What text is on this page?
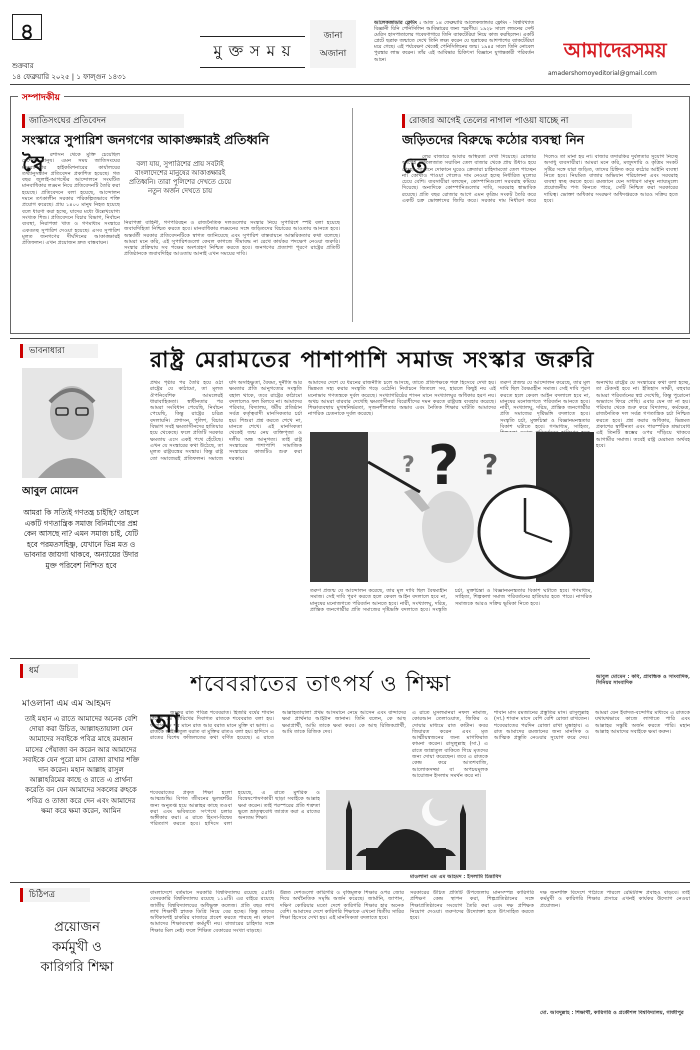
৪
শুক্রবার
১৪ ফেব্রুয়ারি ২০২৫ | ১ ফাল্গুন ১৪৩১
মু ক্ত স ম য়
জানা
অজানা
আলেকজান্ডার ফ্লেমিং : আজ ১৪ ফেব্রুয়ারি আলেকজান্ডার ফ্লেমিং - বিশ্ববিখ্যাত বিজ্ঞানী যিনি পেনিসিলিন আবিষ্কারের জন্য স্মরণীয়। ১৯২৮ সালে লন্ডনের সেন্ট মেরিস হাসপাতালের গবেষণাগারে তিনি ব্যাকটেরিয়া নিয়ে কাজ করছিলেন। একটি প্লেটে ছত্রাক জন্মাতে দেখে তিনি লক্ষ্য করেন যে ছত্রাকের আশপাশের ব্যাকটেরিয়া মরে গেছে। এই পর্যবেক্ষণ থেকেই পেনিসিলিনের জন্ম। ১৯৪৫ সালে তিনি নোবেল পুরস্কার লাভ করেন। তাঁর এই আবিষ্কার চিকিৎসা বিজ্ঞানে যুগান্তকারী পরিবর্তন আনে।	আমাদেরসময়
amadershomoyeditorial@gmail.com
সম্পাদকীয়
জাতিসংঘের প্রতিবেদন
সংস্কারে সুপারিশ জনগণের আকাঙ্ক্ষারই প্রতিধ্বনি
স্বৈ	রশাসন থেকে মুক্তি চেয়েছিল দেশের মানুষ। এমন সময় জাতিসংঘের মানবাধিকার হাইকমিশনারের কার্যালয়ের তথ্যানুসন্ধান প্রতিবেদন প্রকাশিত হয়েছে। গত বছর জুলাই-আগস্টের আন্দোলনে সংঘটিত মানবাধিকার লঙ্ঘন নিয়ে প্রতিবেদনটি তৈরি করা হয়েছে। প্রতিবেদনে বলা হয়েছে, আন্দোলন দমনে তৎকালীন সরকার পরিকল্পিতভাবে শক্তি প্রয়োগ করেছে। প্রায় ১৪০০ মানুষ নিহত হয়েছে বলে ধারণা করা হচ্ছে, যাদের মধ্যে উল্লেখযোগ্য সংখ্যক শিশু। প্রতিবেদনে বিচার বিভাগ, নির্বাচন ব্যবস্থা, নিরাপত্তা খাত ও গণমাধ্যম সংস্কারে একগুচ্ছ সুপারিশ দেওয়া হয়েছে। এসব সুপারিশ মূলত জনগণের দীর্ঘদিনের আকাঙ্ক্ষারই প্রতিফলন। এখন প্রয়োজন দ্রুত বাস্তবায়ন।
বলা যায়, সুপারিশের প্রায় সবটাই বাংলাদেশের মানুষের আকাঙ্ক্ষারই প্রতিধ্বনি। তারা পুলিশের দেখতে চেয়ে নতুন অর্জন দেখতে চায়
নিরাপত্তা বাহিনী, গণপরিবহন ও রাজনৈতিক দলগুলোর সংস্কার নিয়ে সুপারিশে স্পষ্ট বলা হয়েছে জবাবদিহিতা নিশ্চিত করতে হবে। মানবাধিকার লঙ্ঘনের সঙ্গে জড়িতদের বিচারের আওতায় আনতে হবে। অন্তর্বর্তী সরকার প্রতিবেদনটিকে স্বাগত জানিয়েছে এবং সুপারিশ বাস্তবায়নে আন্তরিকতার কথা বলেছে। আমরা মনে করি, এই সুপারিশগুলো কেবল কাগজে সীমাবদ্ধ না রেখে কার্যকর পদক্ষেপ নেওয়া জরুরি। সংস্কার প্রক্রিয়ায় সব পক্ষের অংশগ্রহণ নিশ্চিত করতে হবে। জনগণের প্রত্যাশা পূরণে রাষ্ট্রের প্রতিটি প্রতিষ্ঠানকে জবাবদিহির আওতায় আনাই এখন সময়ের দাবি।
রোজার আগেই তেলের নাগাল পাওয়া যাচ্ছে না
জড়িতদের বিরুদ্ধে কঠোর ব্যবস্থা নিন
তে
লের বাজারে আবার অস্থিরতা দেখা দিয়েছে। রোজার আগেই বোতলজাত সয়াবিন তেল বাজার থেকে প্রায় উধাও হয়ে গেছে। দোকানে দোকানে ঘুরেও ক্রেতারা চাহিদামতো তেল পাচ্ছেন না। কোথাও পাওয়া গেলেও দাম নেওয়া হচ্ছে নির্ধারিত মূল্যের চেয়ে বেশি। ব্যবসায়ীরা বলছেন, কোম্পানিগুলো সরবরাহ কমিয়ে দিয়েছে। অন্যদিকে কোম্পানিগুলোর দাবি, সরবরাহ স্বাভাবিক রয়েছে। প্রতি বছর রোজার আগে এমন কৃত্রিম সংকট তৈরি করে একটি চক্র ভোক্তাদের জিম্মি করে। সরকার দাম নির্ধারণ করে দিলেও তা মানা হয় না। বাজার তদারকির দুর্বলতার সুযোগ নিচ্ছে অসাধু ব্যবসায়ীরা। আমরা মনে করি, মজুদদারি ও কৃত্রিম সংকট সৃষ্টির সঙ্গে যারা জড়িত, তাদের চিহ্নিত করে কঠোর আইনি ব্যবস্থা নিতে হবে। নিয়মিত বাজার অভিযান পরিচালনা এবং সরবরাহ ব্যবস্থা স্বচ্ছ করতে হবে। রমজানে যেন সাধারণ মানুষ ন্যায্যমূল্যে প্রয়োজনীয় পণ্য কিনতে পারে, সেটি নিশ্চিত করা সরকারের দায়িত্ব। ভোক্তা অধিকার সংরক্ষণ অধিদপ্তরকে আরও সক্রিয় হতে হবে।
ভাবনাধারা	রাষ্ট্র মেরামতের পাশাপাশি সমাজ সংস্কার জরুরি
আবুল মোমেন
আমরা কি সত্যিই গণতন্ত্র চাইছি? তাহলে একটি গণতান্ত্রিক সমাজ বিনির্মাণের প্রশ্ন কেন আসছে না? এমন সমাজ চাই, যেটি হবে পরমতসহিষ্ণু, যেখানে ভিন্ন মত ও ভাবনার জায়গা থাকবে, অন্যায়ের উদার মুক্ত পরিবেশ নিশ্চিত হবে
প্রথম পৃষ্ঠার পর তৈরি হয়ে ওঠা রাষ্ট্রের যে কাঠামো, তা মূলত ঔপনিবেশিক আমলেরই ধারাবাহিকতা। স্বাধীনতার পর আমরা সংবিধান পেয়েছি, নির্বাচন পেয়েছি, কিন্তু রাষ্ট্রের চরিত্র বদলায়নি। প্রশাসন, পুলিশ, বিচার বিভাগ সবই ক্ষমতাসীনদের হাতিয়ার হয়ে থেকেছে। ফলে প্রতিটি সরকার ক্ষমতায় এসে একই পথে হেঁটেছে। এখন যে সংস্কারের কথা উঠেছে, তা মূলত রাষ্ট্রযন্ত্রের সংস্কার। কিন্তু রাষ্ট্র তো সমাজেরই প্রতিফলন। সমাজে যদি অসহিষ্ণুতা, বৈষম্য, দুর্নীতি আর ক্ষমতার প্রতি আনুগত্যের সংস্কৃতি বহাল থাকে, তবে রাষ্ট্রের কাঠামো বদলালেও ফল মিলবে না। আমাদের পরিবার, বিদ্যালয়, ধর্মীয় প্রতিষ্ঠান সর্বত্র কর্তৃত্ববাদী মানসিকতার চর্চা হয়। শিশুরা প্রশ্ন করতে শেখে না, মানতে শেখে। এই মানসিকতা থেকেই জন্ম নেয় ব্যক্তিপূজা ও দলীয় অন্ধ আনুগত্য। তাই রাষ্ট্র সংস্কারের পাশাপাশি সামাজিক সংস্কারের কাজটিও শুরু করা দরকার।
আমাদের দেশে যে ধরনের রাজনীতি চলে আসছে, তাতে প্রতিপক্ষকে শত্রু হিসেবে দেখা হয়। ভিন্নমত সহ্য করার সংস্কৃতি গড়ে ওঠেনি। নির্বাচনে জিতলে সব, হারলে কিছুই নয় এই মনোভাব গণতন্ত্রকে দুর্বল করেছে। সংখ্যাগরিষ্ঠের শাসন মানে সংখ্যালঘুর অধিকার হরণ নয়। অথচ আমরা বারবার দেখেছি ক্ষমতাসীনরা বিরোধীদের দমন করতে রাষ্ট্রযন্ত্র ব্যবহার করেছে। শিক্ষাব্যবস্থায় মুখস্থনির্ভরতা, সৃজনশীলতার অভাব এবং নৈতিক শিক্ষার ঘাটতি আমাদের নাগরিক চেতনাকে দুর্বল করেছে।
তরুণ প্রজন্ম যে আন্দোলন করেছে, তার মূল দাবি ছিল বৈষম্যহীন সমাজ। সেই দাবি পূরণ করতে হলে কেবল আইন বদলালে হবে না, মানুষের মনোজগতে পরিবর্তন আনতে হবে। নারী, সংখ্যালঘু, দরিদ্র, প্রান্তিক জনগোষ্ঠীর প্রতি সমাজের দৃষ্টিভঙ্গি বদলাতে হবে। সংস্কৃতি চর্চা, মুক্তচিন্তা ও বিজ্ঞানমনস্কতার বিকাশ ঘটাতে হবে। গণমাধ্যম, সাহিত্য,
অন্যথায় রাষ্ট্রের যে সংস্কারের কথা বলা হচ্ছে, তা টেকসই হবে না। ইতিহাস সাক্ষী, বহুবার আমরা পরিবর্তনের স্বপ্ন দেখেছি, কিন্তু পুরোনো অভ্যাসে ফিরে গেছি। এবার যেন তা না হয়। পরিবার থেকে শুরু করে বিদ্যালয়, কর্মক্ষেত্র, রাজনৈতিক দল সর্বত্র গণতান্ত্রিক চর্চা নিশ্চিত করতে হবে। প্রশ্ন করার অধিকার, ভিন্নমত প্রকাশের স্বাধীনতা এবং পারস্পরিক শ্রদ্ধাবোধ এই তিনটি স্তম্ভের ওপর দাঁড়িয়ে থাকবে আগামীর সমাজ। তবেই রাষ্ট্র মেরামত অর্থবহ হবে।
? ?
?
তরুণ প্রজন্ম যে আন্দোলন করেছে, তার মূল দাবি ছিল বৈষম্যহীন সমাজ। সেই দাবি পূরণ করতে হলে কেবল আইন বদলালে হবে না, মানুষের মনোজগতে পরিবর্তন আনতে হবে। নারী, সংখ্যালঘু, দরিদ্র, প্রান্তিক জনগোষ্ঠীর প্রতি সমাজের দৃষ্টিভঙ্গি বদলাতে হবে। সংস্কৃতি চর্চা, মুক্তচিন্তা ও বিজ্ঞানমনস্কতার বিকাশ ঘটাতে হবে। গণমাধ্যম, সাহিত্য, শিল্পকলা সমাজ পরিবর্তনের হাতিয়ার হতে পারে। নাগরিক সমাজকে আরও সক্রিয় ভূমিকা নিতে হবে।
আবুল মোমেন : কবি, প্রাবন্ধিক ও সাংবাদিক, সিনিয়র সাংবাদিক
ধর্ম
মাওলানা এম এম আহমদ
শবেবরাতের তাৎপর্য ও শিক্ষা
তাই মহান এ রাতে আমাদের অনেক বেশি দোয়া করা উচিত, আল্লাহতায়ালা যেন আমাদের সবাইকে পবিত্র মাহে রমজান মাসের পেঁয়াজা বন করেন আর আমাদের সবাইকে যেন পুরো মাস রোজা রাখার শক্তি দান করেন। মহান আল্লাহ রাসুল আল্লাহরিমের কাছে ও রাতে এ প্রার্থনা করেতি বন যেন আমাদের সকলের রুহকে পবিত্র ও তাজা করে দেন এবং আমাদের ক্ষমা করে ক্ষমা করেন, আমিন
আ
জকের রাত পবিত্র শবেবরাত। হিজরি বর্ষের শাবান মাসের ১৪ তারিখের দিবাগত রাতকে শবেবরাত বলা হয়। ফারসি শব্দ শব মানে রাত আর বরাত মানে মুক্তি বা ভাগ্য। এ রাতকে লাইলাতুল বরাত বা মুক্তির রাতও বলা হয়। হাদিসে এ রাতের বিশেষ ফজিলতের কথা বর্ণিত হয়েছে। এ রাতে আল্লাহতায়ালা প্রথম আসমানে নেমে আসেন এবং বান্দাদের ক্ষমা প্রার্থনার আহ্বান জানান। তিনি বলেন, কে আছ ক্ষমাপ্রার্থী, আমি তাকে ক্ষমা করব। কে আছ রিজিকপ্রার্থী, আমি তাকে রিজিক দেব।
এ রাতে মুসলমানরা নফল নামাজ, কোরআন তেলাওয়াত, জিকির ও দোয়ার মাধ্যমে রাত কাটান। কবর জিয়ারত করেন এবং মৃত আত্মীয়স্বজনের জন্য মাগফিরাত কামনা করেন। রাসুলুল্লাহ (সা.) এ রাতে জান্নাতুল বাকিতে গিয়ে মৃতদের জন্য দোয়া করেছেন। তবে এ রাতকে কেন্দ্র করে আতশবাজি, আলোকসজ্জা বা অপচয়মূলক আয়োজন ইসলাম সমর্থন করে না।
শাবান মাস রমজানের প্রস্তুতির মাস। রাসুলুল্লাহ (সা.) শাবান মাসে বেশি বেশি রোজা রাখতেন। শবেবরাতের পরদিন রোজা রাখা মুস্তাহাব। এ রাত আমাদের রমজানের জন্য মানসিক ও আত্মিক প্রস্তুতি নেওয়ার সুযোগ করে দেয়। আমরা যেন ইবাদত-বন্দেগির মাধ্যমে এ রাতকে যথাযথভাবে কাজে লাগাতে পারি এবং আল্লাহর সন্তুষ্টি অর্জন করতে পারি। মহান আল্লাহ আমাদের সবাইকে ক্ষমা করুন।
শবেবরাতের প্রকৃত শিক্ষা হলো আত্মশুদ্ধি। বিগত জীবনের ভুলত্রুটির জন্য অনুতপ্ত হয়ে আল্লাহর কাছে তওবা করা এবং ভবিষ্যতে সৎপথে চলার অঙ্গীকার করা। এ রাতে হিংসা-বিদ্বেষ পরিত্যাগ করতে হবে। হাদিসে বলা হয়েছে, এ রাতে মুশরিক ও বিদ্বেষপোষণকারী ছাড়া সবাইকে আল্লাহ ক্ষমা করেন। তাই পরস্পরের প্রতি শত্রুতা ভুলে ভ্রাতৃত্ববোধ জাগ্রত করা এ রাতের অন্যতম শিক্ষা।
মাওলানা এম এম আহমদ : ইসলামি চিন্তাবিদ
চিঠিপত্র
প্রয়োজন
কর্মমুখী ও
কারিগরি শিক্ষা
বাংলাদেশে বর্তমানে সরকারি বিশ্ববিদ্যালয় রয়েছে ৫৫টি। বেসরকারি বিশ্ববিদ্যালয় রয়েছে ১১৪টি। এর বাইরে রয়েছে জাতীয় বিশ্ববিদ্যালয়ের অধিভুক্ত কলেজ। প্রতি বছর লাখ লাখ শিক্ষার্থী স্নাতক ডিগ্রি নিয়ে বের হচ্ছে। কিন্তু তাদের অধিকাংশই চাকরির বাজারে প্রবেশ করতে পারছে না। কারণ আমাদের শিক্ষাব্যবস্থা কর্মমুখী নয়। বাজারের চাহিদার সঙ্গে শিক্ষার মিল নেই। ফলে শিক্ষিত বেকারের সংখ্যা বাড়ছে।
উন্নত দেশগুলো কারিগরি ও বৃত্তিমূলক শিক্ষার ওপর জোর দিয়ে অর্থনৈতিক সমৃদ্ধি অর্জন করেছে। জার্মানি, জাপান, দক্ষিণ কোরিয়ার মতো দেশে কারিগরি শিক্ষার হার অনেক বেশি। আমাদের দেশে কারিগরি শিক্ষাকে এখনো দ্বিতীয় সারির শিক্ষা হিসেবে দেখা হয়। এই মানসিকতা বদলাতে হবে।
সরকারের উচিত প্রতিটি উপজেলায় মানসম্পন্ন কারিগরি প্রশিক্ষণ কেন্দ্র স্থাপন করা, শিল্পপ্রতিষ্ঠানের সঙ্গে শিক্ষাপ্রতিষ্ঠানের সংযোগ তৈরি করা এবং দক্ষ প্রশিক্ষক নিয়োগ দেওয়া। তরুণদের উদ্যোক্তা হতে উৎসাহিত করতে হবে।
দক্ষ জনশক্তি বিদেশে পাঠাতে পারলে রেমিট্যান্স প্রবাহও বাড়বে। তাই কর্মমুখী ও কারিগরি শিক্ষার প্রসারে এখনই কার্যকর উদ্যোগ নেওয়া প্রয়োজন।
মো. আবদুল্লাহ : শিক্ষার্থী, কারিগরি ও প্রকৌশল বিশ্ববিদ্যালয়, গাজীপুর
